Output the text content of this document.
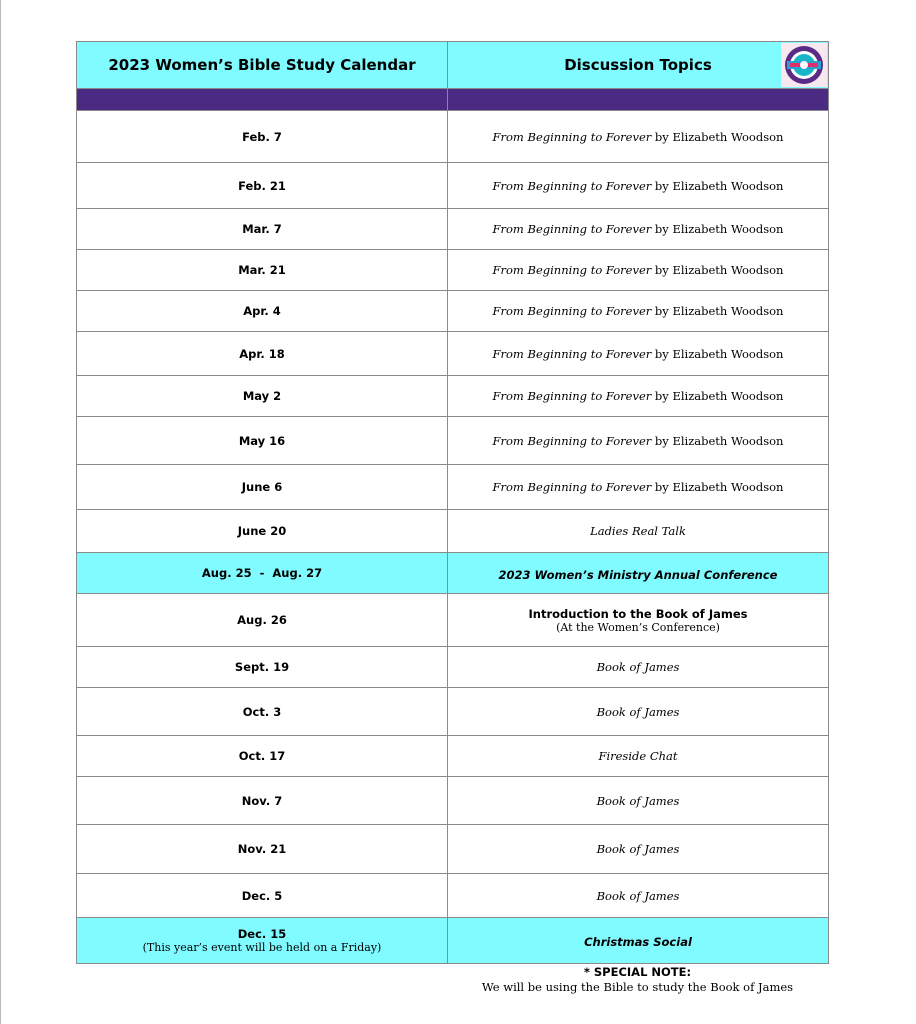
2023 Women’s Bible Study Calendar	Discussion Topics

Feb. 7	From Beginning to Forever by Elizabeth Woodson
Feb. 21	From Beginning to Forever by Elizabeth Woodson
Mar. 7	From Beginning to Forever by Elizabeth Woodson
Mar. 21	From Beginning to Forever by Elizabeth Woodson
Apr. 4	From Beginning to Forever by Elizabeth Woodson
Apr. 18	From Beginning to Forever by Elizabeth Woodson
May 2	From Beginning to Forever by Elizabeth Woodson
May 16	From Beginning to Forever by Elizabeth Woodson
June 6	From Beginning to Forever by Elizabeth Woodson
June 20	Ladies Real Talk
Aug. 25  -  Aug. 27	2023 Women’s Ministry Annual Conference
Aug. 26	Introduction to the Book of James
(At the Women’s Conference)

Sept. 19	Book of James
Oct. 3	Book of James
Oct. 17	Fireside Chat
Nov. 7	Book of James
Nov. 21	Book of James
Dec. 5	Book of James

Dec. 15
(This year’s event will be held on a Friday)	Christmas Social
* SPECIAL NOTE:
We will be using the Bible to study the Book of James
